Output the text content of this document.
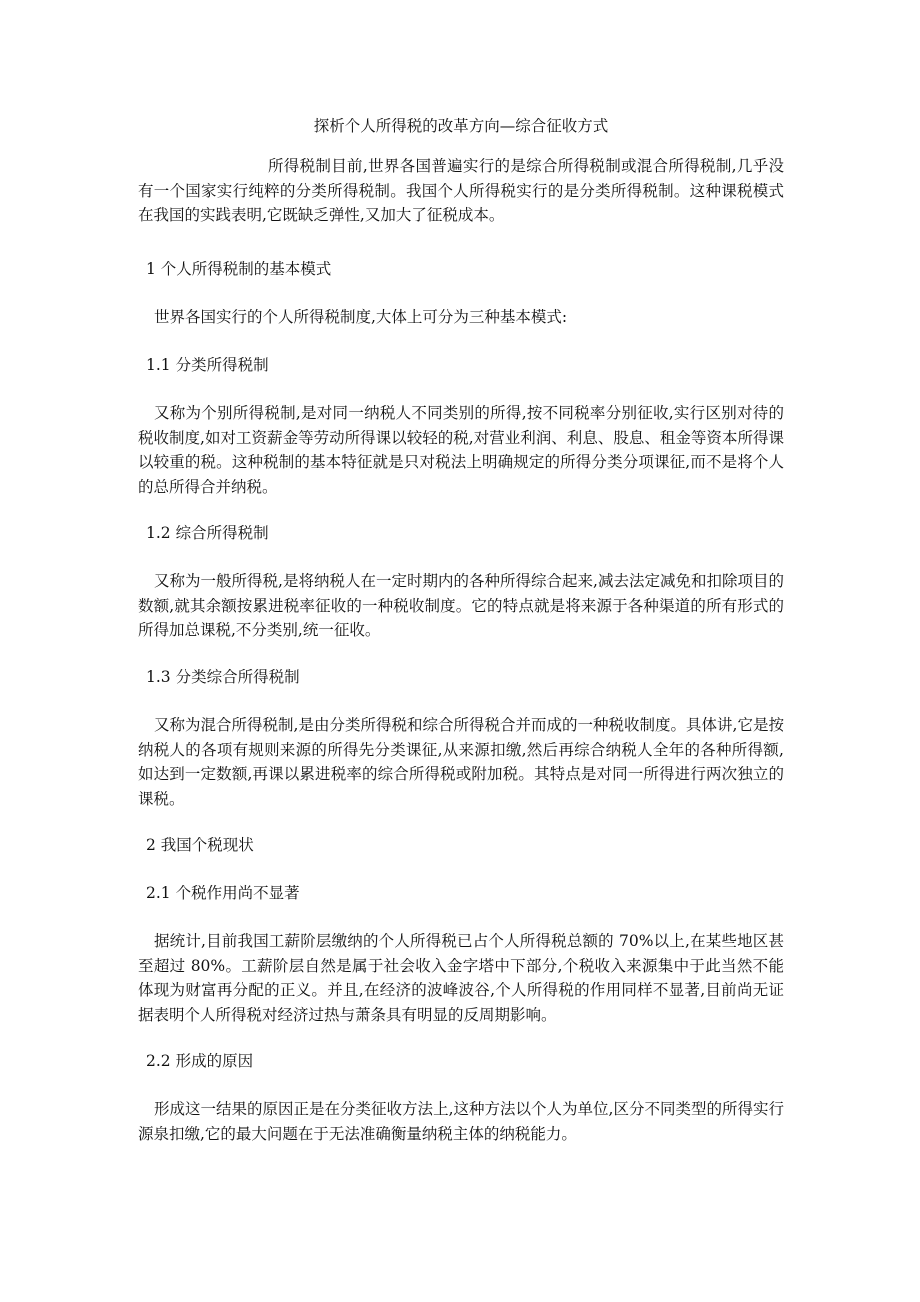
探析个人所得税的改革方向—综合征收方式
所得税制目前,世界各国普遍实行的是综合所得税制或混合所得税制,几乎没有一个国家实行纯粹的分类所得税制。我国个人所得税实行的是分类所得税制。这种课税模式在我国的实践表明,它既缺乏弹性,又加大了征税成本。
1 个人所得税制的基本模式
世界各国实行的个人所得税制度,大体上可分为三种基本模式:
1.1 分类所得税制
又称为个别所得税制,是对同一纳税人不同类别的所得,按不同税率分别征收,实行区别对待的税收制度,如对工资薪金等劳动所得课以较轻的税,对营业利润、利息、股息、租金等资本所得课以较重的税。这种税制的基本特征就是只对税法上明确规定的所得分类分项课征,而不是将个人的总所得合并纳税。
1.2 综合所得税制
又称为一般所得税,是将纳税人在一定时期内的各种所得综合起来,减去法定减免和扣除项目的数额,就其余额按累进税率征收的一种税收制度。它的特点就是将来源于各种渠道的所有形式的所得加总课税,不分类别,统一征收。
1.3 分类综合所得税制
又称为混合所得税制,是由分类所得税和综合所得税合并而成的一种税收制度。具体讲,它是按纳税人的各项有规则来源的所得先分类课征,从来源扣缴,然后再综合纳税人全年的各种所得额,如达到一定数额,再课以累进税率的综合所得税或附加税。其特点是对同一所得进行两次独立的课税。
2 我国个税现状
2.1 个税作用尚不显著
据统计,目前我国工薪阶层缴纳的个人所得税已占个人所得税总额的 70%以上,在某些地区甚至超过 80%。工薪阶层自然是属于社会收入金字塔中下部分,个税收入来源集中于此当然不能体现为财富再分配的正义。并且,在经济的波峰波谷,个人所得税的作用同样不显著,目前尚无证据表明个人所得税对经济过热与萧条具有明显的反周期影响。
2.2 形成的原因
形成这一结果的原因正是在分类征收方法上,这种方法以个人为单位,区分不同类型的所得实行源泉扣缴,它的最大问题在于无法准确衡量纳税主体的纳税能力。
